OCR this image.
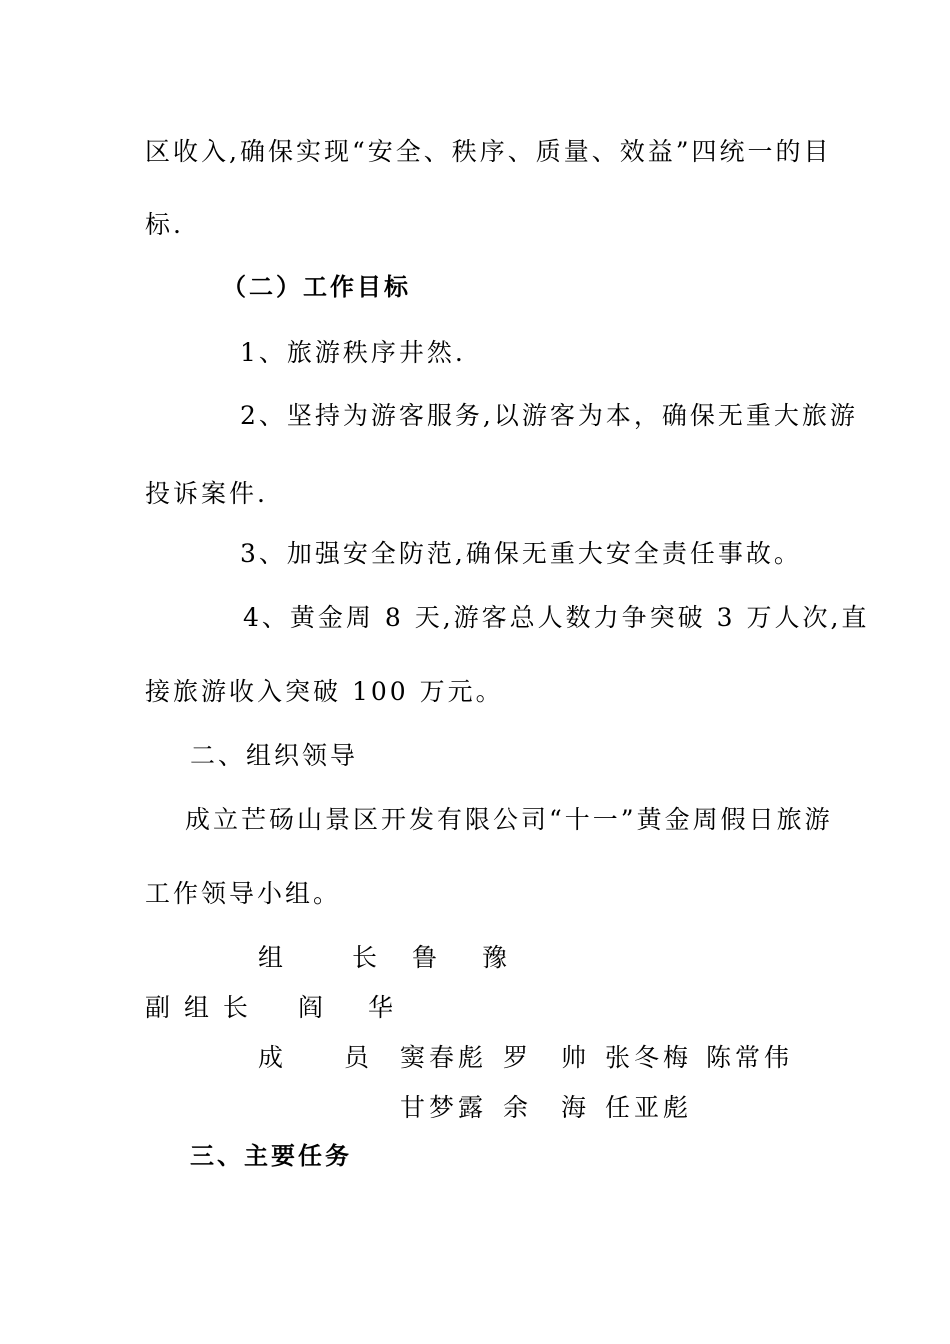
区收入,确保实现“安全、秩序、质量、效益”四统一的目
标.
（二）工作目标
1、旅游秩序井然.
2、坚持为游客服务,以游客为本，确保无重大旅游
投诉案件.
3、加强安全防范,确保无重大安全责任事故。
4、黄金周 8 天,游客总人数力争突破 3 万人次,直
接旅游收入突破 100 万元。
二、组织领导
成立芒砀山景区开发有限公司“十一”黄金周假日旅游
工作领导小组。
组　长 鲁　豫
副 组 长 阎　华
成　员 窦春彪 罗　帅 张冬梅 陈常伟
甘梦露 余　海 任亚彪
三、主要任务
